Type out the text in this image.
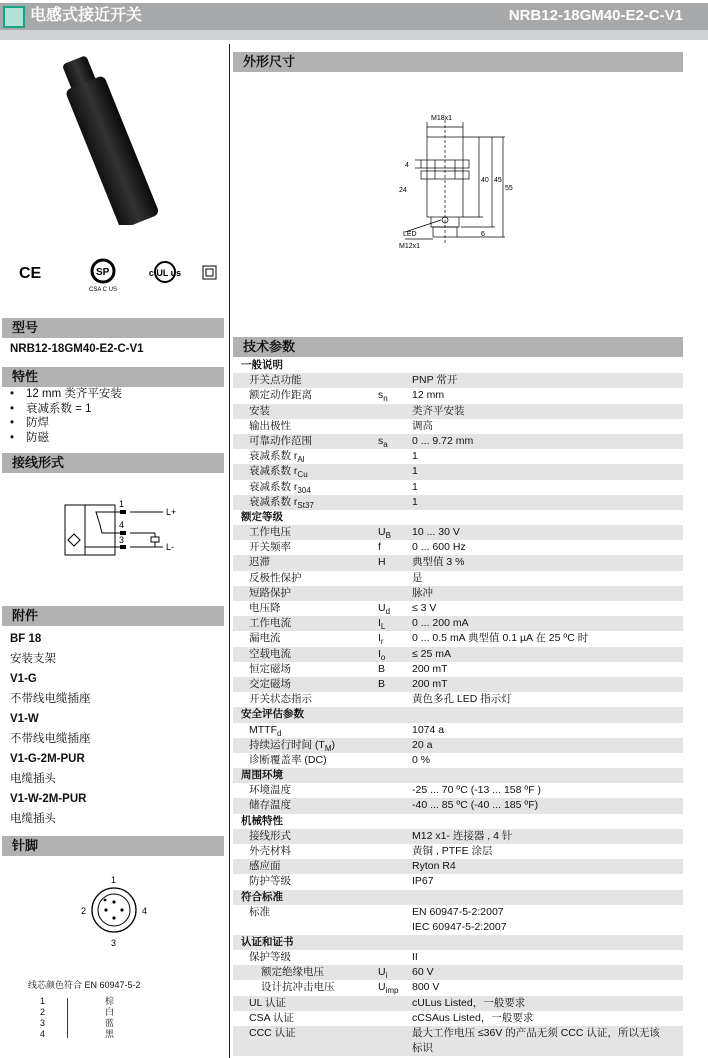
电感式接近开关	NRB12-18GM40-E2-C-V1
CE	SP
CSA C US
c UL us
型号
NRB12-18GM40-E2-C-V1
特性
• 12 mm 类齐平安装
• 衰减系数 = 1
• 防焊
• 防磁
接线形式
1
4
3
L+
L-
附件
BF 18
安装支架
V1-G
不带线电缆插座
V1-W
不带线电缆插座
V1-G-2M-PUR
电缆插头
V1-W-2M-PUR
电缆插头
针脚
1
2
3
4
线芯颜色符合 EN 60947-5-2
1	棕
2	白
3	蓝
4	黑
外形尺寸
M18x1
4
24
40 45
55
LED
M12x1
6
技术参数
一般说明
开关点功能	PNP 常开
额定动作距离	$s_n$	12 mm
安装	类齐平安装
输出极性	调高
可靠动作范围	$s_a$	0 ... 9.72 mm
衰减系数 $r_{Al}$	1
衰减系数 $r_{Cu}$	1
衰减系数 $r_{304}$	1
衰减系数 $r_{St37}$	1
额定等级
工作电压	$U_B$	10 ... 30 V
开关频率	f	0 ... 600 Hz
迟滞	H	典型值 3 %
反极性保护	是
短路保护	脉冲
电压降	$U_d$	≤ 3 V
工作电流	$I_L$	0 ... 200 mA
漏电流	$I_r$	0 ... 0.5 mA 典型值 0.1 µA 在 25 ºC 时
空载电流	$I_o$	≤ 25 mA
恒定磁场	B	200 mT
交定磁场	B	200 mT
开关状态指示	黄色多孔 LED 指示灯
安全评估参数
$MTTF_d$	1074 a
持续运行时间 $(T_M)$	20 a
诊断覆盖率 (DC)	0 %
周围环境
环境温度	-25 ... 70 ºC (-13 ... 158 ºF )
储存温度	-40 ... 85 ºC (-40 ... 185 ºF)
机械特性
接线形式	M12 x1- 连接器 , 4 针
外壳材料	黄铜 , PTFE 涂层
感应面	Ryton R4
防护等级	IP67
符合标准
标准	EN 60947-5-2:2007
IEC 60947-5-2:2007
认证和证书
保护等级	II
额定绝缘电压	$U_i$	60 V
设计抗冲击电压	$U_{imp}$	800 V
UL 认证	cULus Listed，一般要求
CSA 认证	cCSAus Listed，一般要求
CCC 认证	最大工作电压 ≤36V 的产品无须 CCC 认证，所以无该
标识
